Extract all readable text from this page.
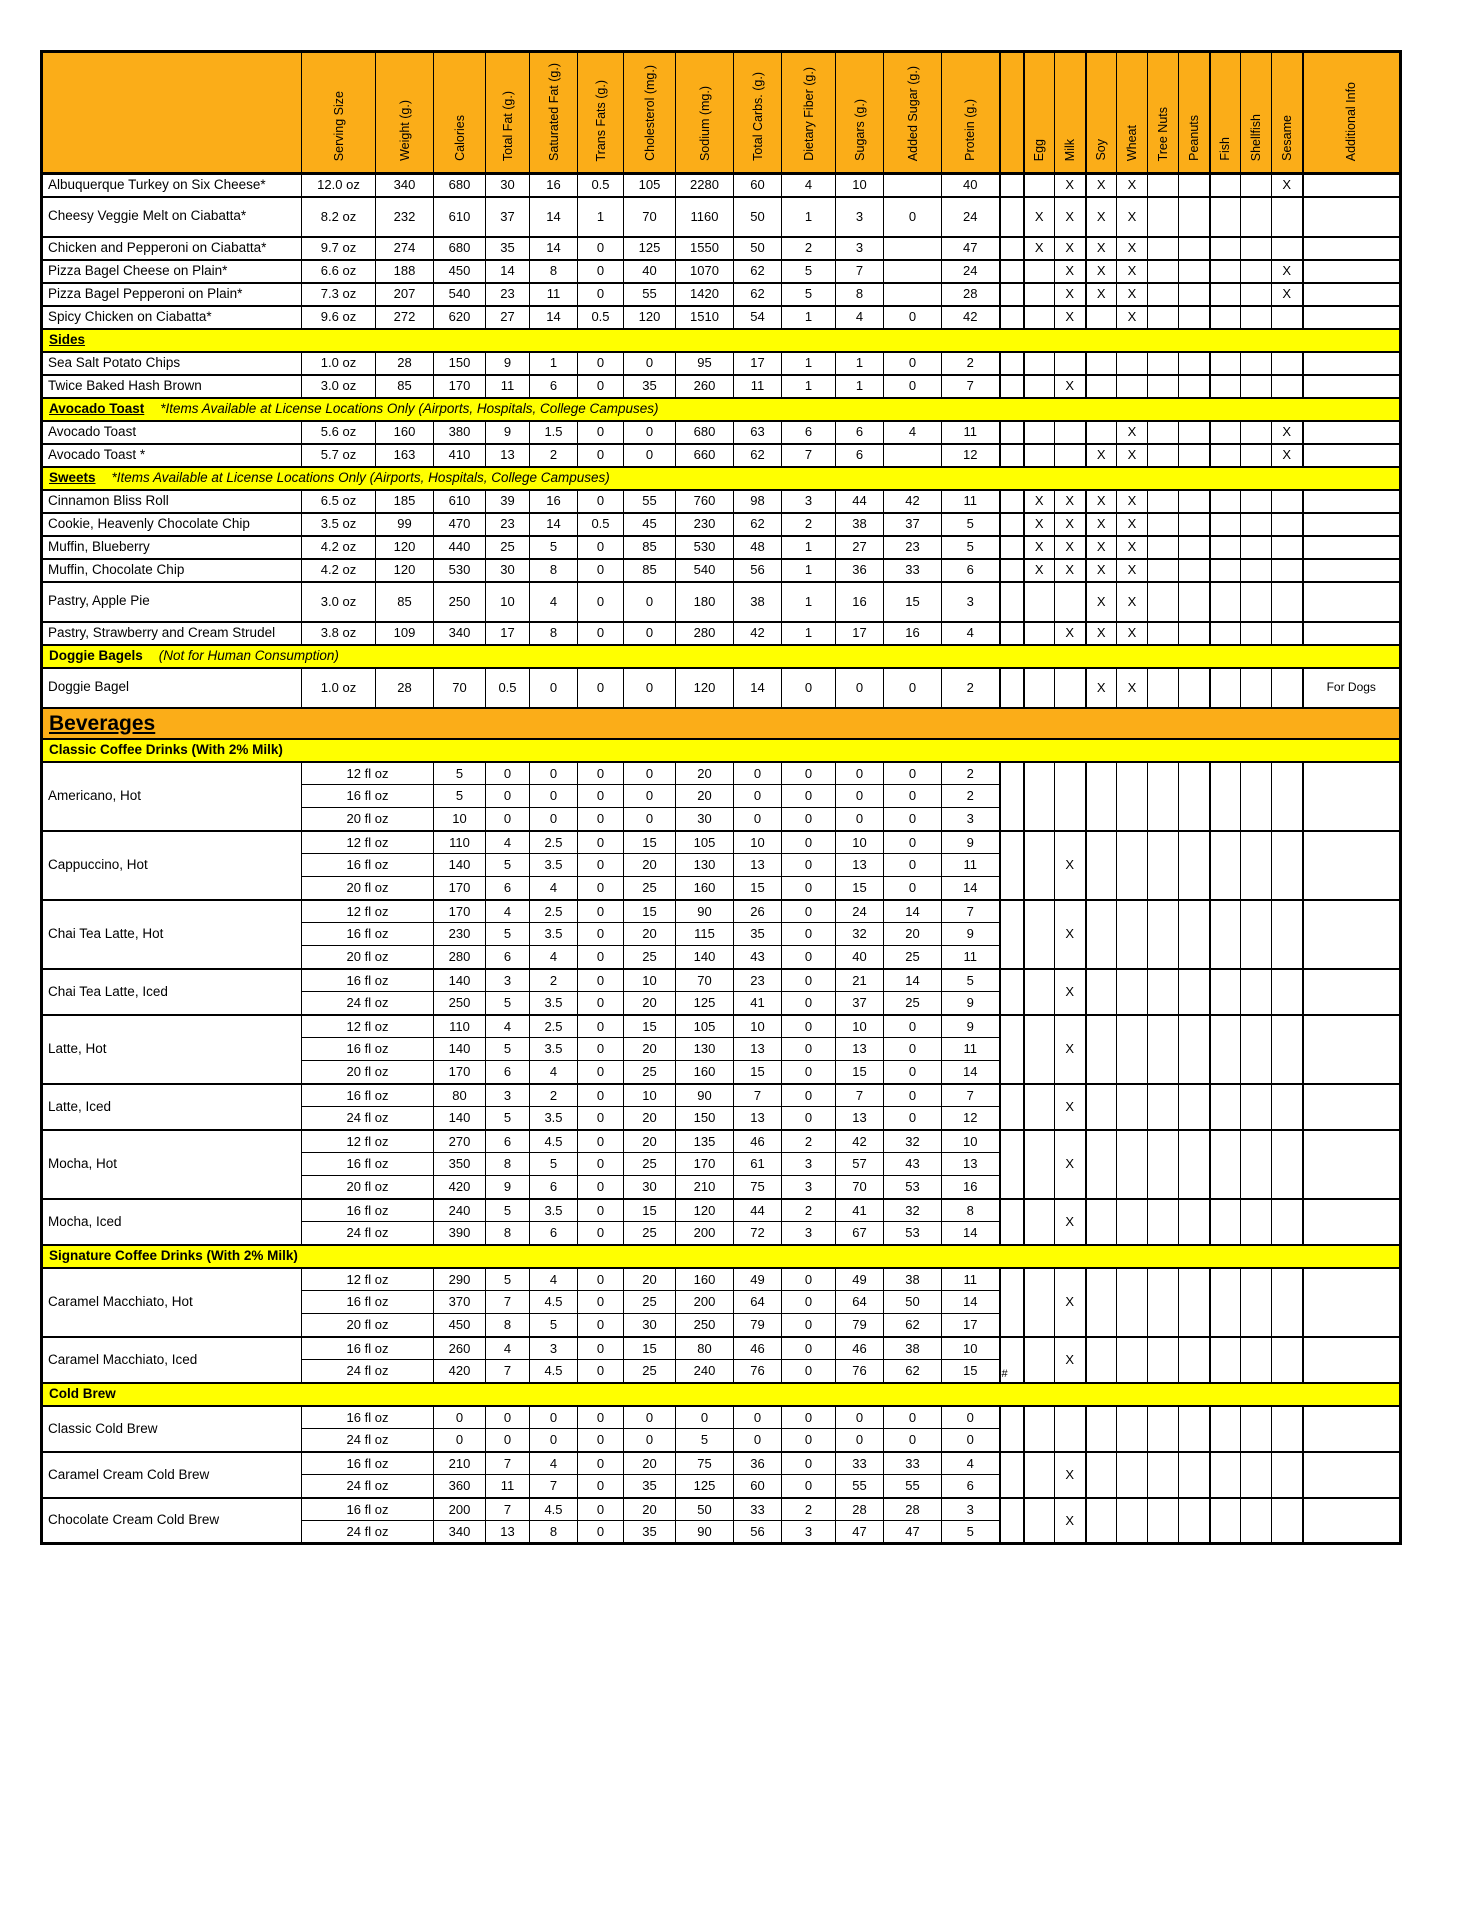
	Serving Size	Weight (g.)	Calories	Total Fat (g.)	Saturated Fat (g.)	Trans Fats (g.)	Cholesterol (mg.)	Sodium (mg.)	Total Carbs. (g.)	Dietary Fiber (g.)	Sugars (g.)	Added Sugar (g.)	Protein (g.)		Egg	Milk	Soy	Wheat	Tree Nuts	Peanuts	Fish	Shellfish	Sesame	Additional Info
Albuquerque Turkey on Six Cheese*	12.0 oz	340	680	30	16	0.5	105	2280	60	4	10		40			X	X	X					X	
Cheesy Veggie Melt on Ciabatta*	8.2 oz	232	610	37	14	1	70	1160	50	1	3	0	24		X	X	X	X						
Chicken and Pepperoni on Ciabatta*	9.7 oz	274	680	35	14	0	125	1550	50	2	3		47		X	X	X	X						
Pizza Bagel Cheese on Plain*	6.6 oz	188	450	14	8	0	40	1070	62	5	7		24			X	X	X					X	
Pizza Bagel Pepperoni on Plain*	7.3 oz	207	540	23	11	0	55	1420	62	5	8		28			X	X	X					X	
Spicy Chicken on Ciabatta*	9.6 oz	272	620	27	14	0.5	120	1510	54	1	4	0	42			X		X						
Sides																								
Sea Salt Potato Chips	1.0 oz	28	150	9	1	0	0	95	17	1	1	0	2											
Twice Baked Hash Brown	3.0 oz	85	170	11	6	0	35	260	11	1	1	0	7			X								
Avocado Toast *Items Available at License Locations Only (Airports, Hospitals, College Campuses)																								
Avocado Toast	5.6 oz	160	380	9	1.5	0	0	680	63	6	6	4	11					X					X	
Avocado Toast *	5.7 oz	163	410	13	2	0	0	660	62	7	6		12				X	X					X	
Sweets *Items Available at License Locations Only (Airports, Hospitals, College Campuses)																								
Cinnamon Bliss Roll	6.5 oz	185	610	39	16	0	55	760	98	3	44	42	11		X	X	X	X						
Cookie, Heavenly Chocolate Chip	3.5 oz	99	470	23	14	0.5	45	230	62	2	38	37	5		X	X	X	X						
Muffin, Blueberry	4.2 oz	120	440	25	5	0	85	530	48	1	27	23	5		X	X	X	X						
Muffin, Chocolate Chip	4.2 oz	120	530	30	8	0	85	540	56	1	36	33	6		X	X	X	X						
Pastry, Apple Pie	3.0 oz	85	250	10	4	0	0	180	38	1	16	15	3				X	X						
Pastry, Strawberry and Cream Strudel	3.8 oz	109	340	17	8	0	0	280	42	1	17	16	4			X	X	X						
Doggie Bagels (Not for Human Consumption)																								
Doggie Bagel	1.0 oz	28	70	0.5	0	0	0	120	14	0	0	0	2				X	X						For Dogs
Beverages																								
Classic Coffee Drinks (With 2% Milk)																								
Americano, Hot	12 fl oz		5	0	0	0	0	20	0	0	0	0	2											
	16 fl oz		5	0	0	0	0	20	0	0	0	0	2											
	20 fl oz		10	0	0	0	0	30	0	0	0	0	3											
Cappuccino, Hot	12 fl oz		110	4	2.5	0	15	105	10	0	10	0	9			X								
	16 fl oz		140	5	3.5	0	20	130	13	0	13	0	11											
	20 fl oz		170	6	4	0	25	160	15	0	15	0	14											
Chai Tea Latte, Hot	12 fl oz		170	4	2.5	0	15	90	26	0	24	14	7			X								
	16 fl oz		230	5	3.5	0	20	115	35	0	32	20	9											
	20 fl oz		280	6	4	0	25	140	43	0	40	25	11											
Chai Tea Latte, Iced	16 fl oz		140	3	2	0	10	70	23	0	21	14	5			X								
	24 fl oz		250	5	3.5	0	20	125	41	0	37	25	9											
Latte, Hot	12 fl oz		110	4	2.5	0	15	105	10	0	10	0	9			X								
	16 fl oz		140	5	3.5	0	20	130	13	0	13	0	11											
	20 fl oz		170	6	4	0	25	160	15	0	15	0	14											
Latte, Iced	16 fl oz		80	3	2	0	10	90	7	0	7	0	7			X								
	24 fl oz		140	5	3.5	0	20	150	13	0	13	0	12											
Mocha, Hot	12 fl oz		270	6	4.5	0	20	135	46	2	42	32	10			X								
	16 fl oz		350	8	5	0	25	170	61	3	57	43	13											
	20 fl oz		420	9	6	0	30	210	75	3	70	53	16											
Mocha, Iced	16 fl oz		240	5	3.5	0	15	120	44	2	41	32	8			X								
	24 fl oz		390	8	6	0	25	200	72	3	67	53	14											
Signature Coffee Drinks (With 2% Milk)																								
Caramel Macchiato, Hot	12 fl oz		290	5	4	0	20	160	49	0	49	38	11			X								
	16 fl oz		370	7	4.5	0	25	200	64	0	64	50	14											
	20 fl oz		450	8	5	0	30	250	79	0	79	62	17											
Caramel Macchiato, Iced	16 fl oz		260	4	3	0	15	80	46	0	46	38	10	#		X								
	24 fl oz		420	7	4.5	0	25	240	76	0	76	62	15											
Cold Brew																								
Classic Cold Brew	16 fl oz		0	0	0	0	0	0	0	0	0	0	0											
	24 fl oz		0	0	0	0	0	5	0	0	0	0	0											
Caramel Cream Cold Brew	16 fl oz		210	7	4	0	20	75	36	0	33	33	4			X								
	24 fl oz		360	11	7	0	35	125	60	0	55	55	6											
Chocolate Cream Cold Brew	16 fl oz		200	7	4.5	0	20	50	33	2	28	28	3			X								
	24 fl oz		340	13	8	0	35	90	56	3	47	47	5											
